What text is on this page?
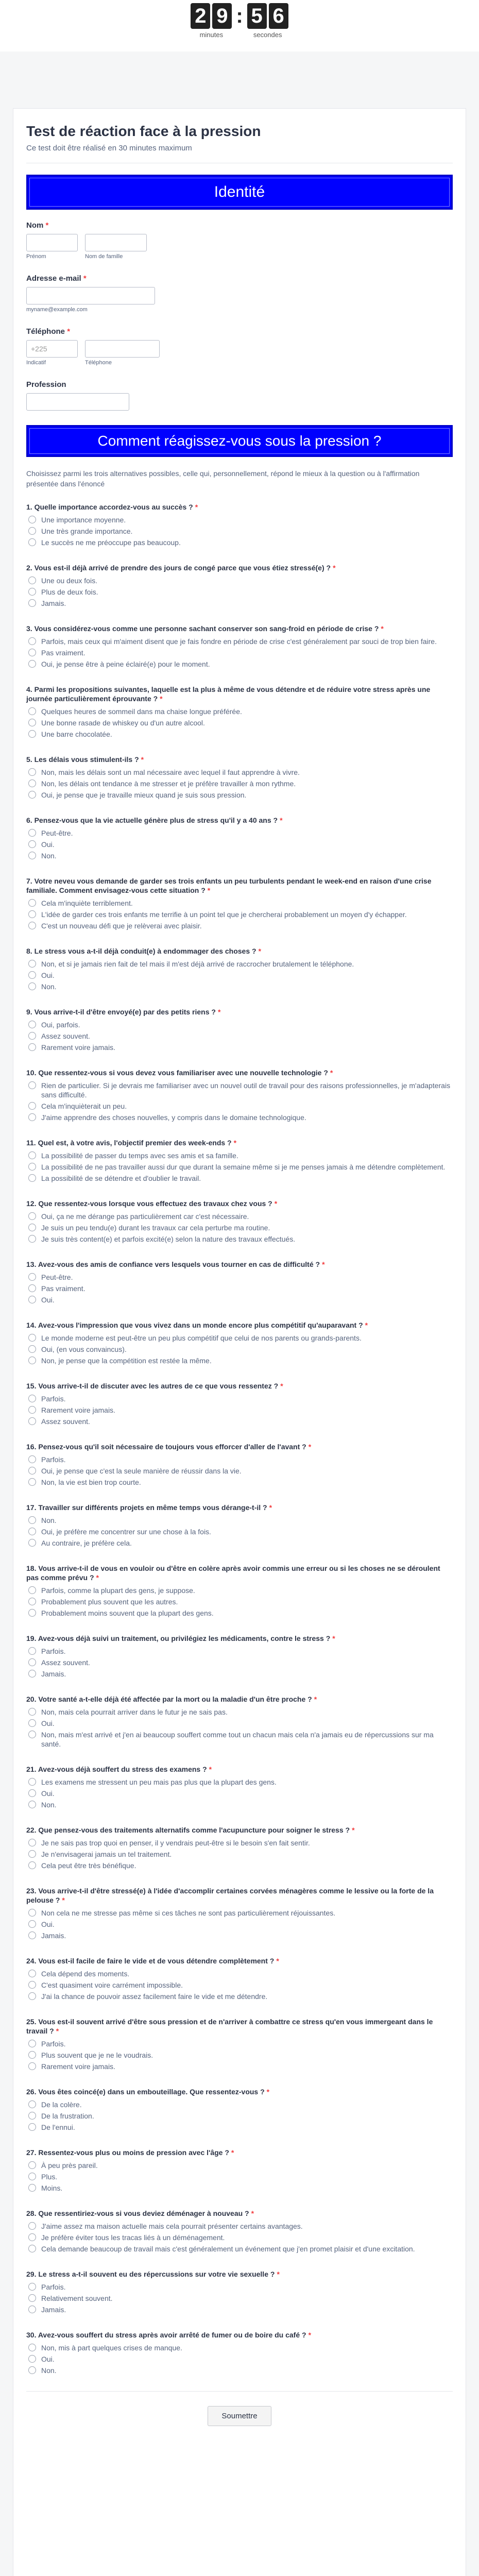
2 9
minutes
: 5 6
secondes
Test de réaction face à la pression
Ce test doit être réalisé en 30 minutes maximum
Identité
Nom *
Prénom	Nom de famille
Adresse e-mail *
myname@example.com
Téléphone *
+225
Indicatif	Téléphone
Profession
Comment réagissez-vous sous la pression ?
Choisissez parmi les trois alternatives possibles, celle qui, personnellement, répond le mieux à la question ou à l'affirmation présentée dans l'énoncé
1. Quelle importance accordez-vous au succès ? *
Une importance moyenne.
Une très grande importance.
Le succès ne me préoccupe pas beaucoup.
2. Vous est-il déjà arrivé de prendre des jours de congé parce que vous étiez stressé(e) ? *
Une ou deux fois.
Plus de deux fois.
Jamais.
3. Vous considérez-vous comme une personne sachant conserver son sang-froid en période de crise ? *
Parfois, mais ceux qui m'aiment disent que je fais fondre en période de crise c'est généralement par souci de trop bien faire.
Pas vraiment.
Oui, je pense être à peine éclairé(e) pour le moment.
4. Parmi les propositions suivantes, laquelle est la plus à même de vous détendre et de réduire votre stress après une journée particulièrement éprouvante ? *
Quelques heures de sommeil dans ma chaise longue préférée.
Une bonne rasade de whiskey ou d'un autre alcool.
Une barre chocolatée.
5. Les délais vous stimulent-ils ? *
Non, mais les délais sont un mal nécessaire avec lequel il faut apprendre à vivre.
Non, les délais ont tendance à me stresser et je préfère travailler à mon rythme.
Oui, je pense que je travaille mieux quand je suis sous pression.
6. Pensez-vous que la vie actuelle génère plus de stress qu'il y a 40 ans ? *
Peut-être.
Oui.
Non.
7. Votre neveu vous demande de garder ses trois enfants un peu turbulents pendant le week-end en raison d'une crise familiale. Comment envisagez-vous cette situation ? *
Cela m'inquiète terriblement.
L'idée de garder ces trois enfants me terrifie à un point tel que je chercherai probablement un moyen d'y échapper.
C'est un nouveau défi que je relèverai avec plaisir.
8. Le stress vous a-t-il déjà conduit(e) à endommager des choses ? *
Non, et si je jamais rien fait de tel mais il m'est déjà arrivé de raccrocher brutalement le téléphone.
Oui.
Non.
9. Vous arrive-t-il d'être envoyé(e) par des petits riens ? *
Oui, parfois.
Assez souvent.
Rarement voire jamais.
10. Que ressentez-vous si vous devez vous familiariser avec une nouvelle technologie ? *
Rien de particulier. Si je devrais me familiariser avec un nouvel outil de travail pour des raisons professionnelles, je m'adapterais sans difficulté.
Cela m'inquièterait un peu.
J'aime apprendre des choses nouvelles, y compris dans le domaine technologique.
11. Quel est, à votre avis, l'objectif premier des week-ends ? *
La possibilité de passer du temps avec ses amis et sa famille.
La possibilité de ne pas travailler aussi dur que durant la semaine même si je me penses jamais à me détendre complètement.
La possibilité de se détendre et d'oublier le travail.
12. Que ressentez-vous lorsque vous effectuez des travaux chez vous ? *
Oui, ça ne me dérange pas particulièrement car c'est nécessaire.
Je suis un peu tendu(e) durant les travaux car cela perturbe ma routine.
Je suis très content(e) et parfois excité(e) selon la nature des travaux effectués.
13. Avez-vous des amis de confiance vers lesquels vous tourner en cas de difficulté ? *
Peut-être.
Pas vraiment.
Oui.
14. Avez-vous l'impression que vous vivez dans un monde encore plus compétitif qu'auparavant ? *
Le monde moderne est peut-être un peu plus compétitif que celui de nos parents ou grands-parents.
Oui, (en vous convaincus).
Non, je pense que la compétition est restée la même.
15. Vous arrive-t-il de discuter avec les autres de ce que vous ressentez ? *
Parfois.
Rarement voire jamais.
Assez souvent.
16. Pensez-vous qu'il soit nécessaire de toujours vous efforcer d'aller de l'avant ? *
Parfois.
Oui, je pense que c'est la seule manière de réussir dans la vie.
Non, la vie est bien trop courte.
17. Travailler sur différents projets en même temps vous dérange-t-il ? *
Non.
Oui, je préfère me concentrer sur une chose à la fois.
Au contraire, je préfère cela.
18. Vous arrive-t-il de vous en vouloir ou d'être en colère après avoir commis une erreur ou si les choses ne se déroulent pas comme prévu ? *
Parfois, comme la plupart des gens, je suppose.
Probablement plus souvent que les autres.
Probablement moins souvent que la plupart des gens.
19. Avez-vous déjà suivi un traitement, ou privilégiez les médicaments, contre le stress ? *
Parfois.
Assez souvent.
Jamais.
20. Votre santé a-t-elle déjà été affectée par la mort ou la maladie d'un être proche ? *
Non, mais cela pourrait arriver dans le futur je ne sais pas.
Oui.
Non, mais m'est arrivé et j'en ai beaucoup souffert comme tout un chacun mais cela n'a jamais eu de répercussions sur ma santé.
21. Avez-vous déjà souffert du stress des examens ? *
Les examens me stressent un peu mais pas plus que la plupart des gens.
Oui.
Non.
22. Que pensez-vous des traitements alternatifs comme l'acupuncture pour soigner le stress ? *
Je ne sais pas trop quoi en penser, il y vendrais peut-être si le besoin s'en fait sentir.
Je n'envisagerai jamais un tel traitement.
Cela peut être très bénéfique.
23. Vous arrive-t-il d'être stressé(e) à l'idée d'accomplir certaines corvées ménagères comme le lessive ou la forte de la pelouse ? *
Non cela ne me stresse pas même si ces tâches ne sont pas particulièrement réjouissantes.
Oui.
Jamais.
24. Vous est-il facile de faire le vide et de vous détendre complètement ? *
Cela dépend des moments.
C'est quasiment voire carrément impossible.
J'ai la chance de pouvoir assez facilement faire le vide et me détendre.
25. Vous est-il souvent arrivé d'être sous pression et de n'arriver à combattre ce stress qu'en vous immergeant dans le travail ? *
Parfois.
Plus souvent que je ne le voudrais.
Rarement voire jamais.
26. Vous êtes coincé(e) dans un embouteillage. Que ressentez-vous ? *
De la colère.
De la frustration.
De l'ennui.
27. Ressentez-vous plus ou moins de pression avec l'âge ? *
À peu près pareil.
Plus.
Moins.
28. Que ressentiriez-vous si vous deviez déménager à nouveau ? *
J'aime assez ma maison actuelle mais cela pourrait présenter certains avantages.
Je préfère éviter tous les tracas liés à un déménagement.
Cela demande beaucoup de travail mais c'est généralement un événement que j'en promet plaisir et d'une excitation.
29. Le stress a-t-il souvent eu des répercussions sur votre vie sexuelle ? *
Parfois.
Relativement souvent.
Jamais.
30. Avez-vous souffert du stress après avoir arrêté de fumer ou de boire du café ? *
Non, mis à part quelques crises de manque.
Oui.
Non.
Soumettre
